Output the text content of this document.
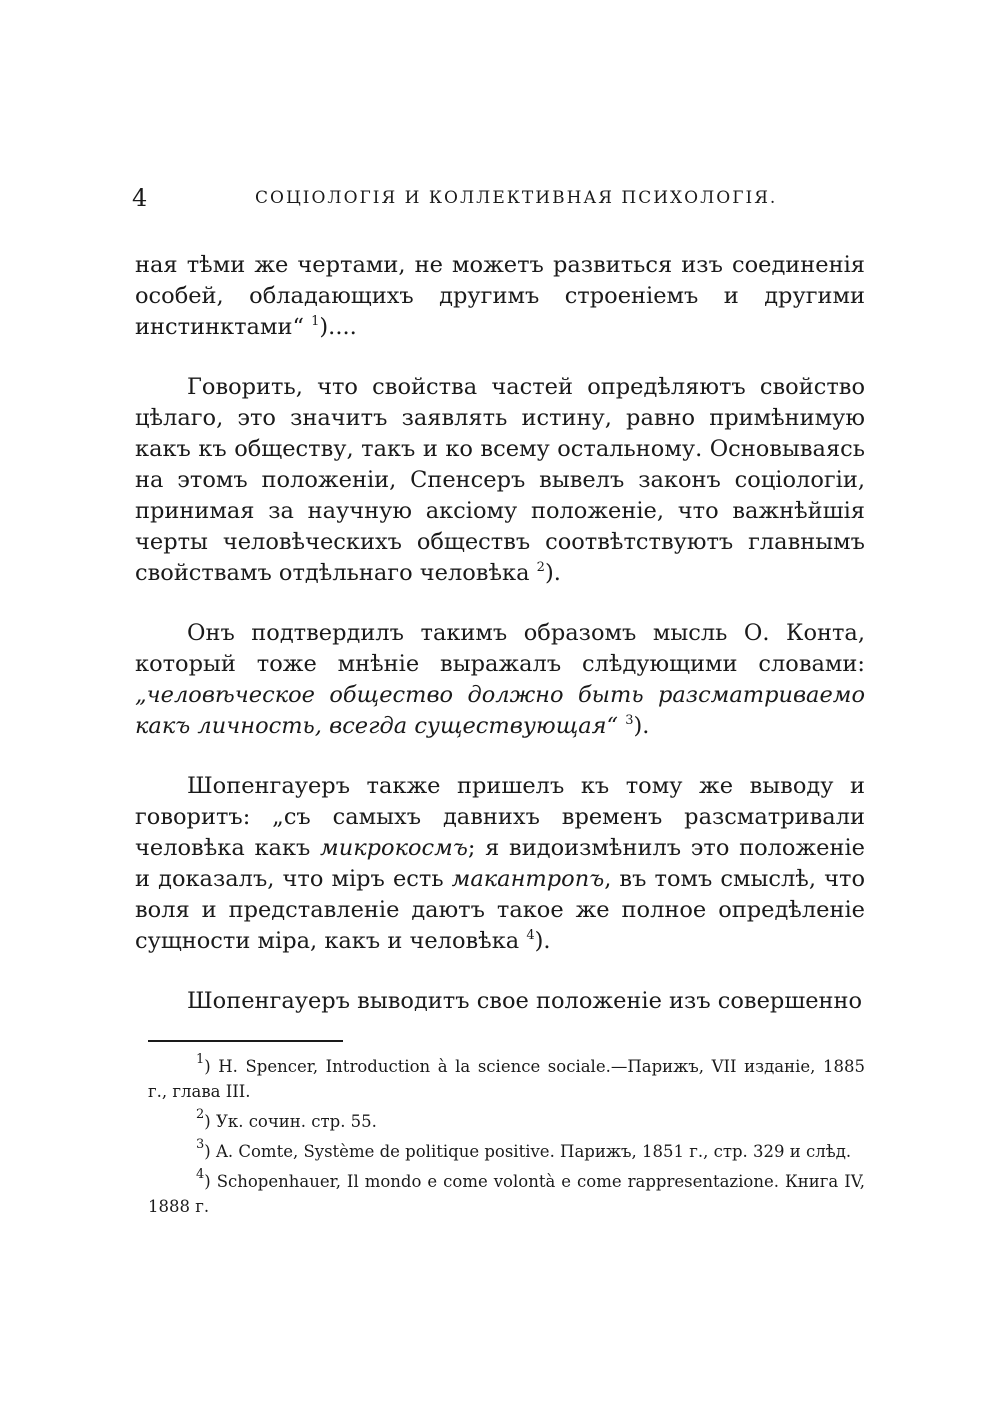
4	СОЦІОЛОГІЯ И КОЛЛЕКТИВНАЯ ПСИХОЛОГІЯ.

ная тѣми же чертами, не можетъ развиться изъ соединенія особей, обладающихъ другимъ строеніемъ и другими инстинктами“ $^1$)....

Говорить, что свойства частей опредѣляютъ свойство цѣлаго, это значитъ заявлять истину, равно примѣнимую какъ къ обществу, такъ и ко всему остальному. Основываясь на этомъ положеніи, Спенсеръ вывелъ законъ соціологіи, принимая за научную аксіому положеніе, что важнѣйшія черты человѣческихъ обществъ соотвѣтствуютъ главнымъ свойствамъ отдѣльнаго человѣка $^2$).

Онъ подтвердилъ такимъ образомъ мысль О. Конта, который тоже мнѣніе выражалъ слѣдующими словами: „человѣческое общество должно быть разсматриваемо какъ личность, всегда существующая“ $^3$).

Шопенгауеръ также пришелъ къ тому же выводу и говоритъ: „съ самыхъ давнихъ временъ разсматривали человѣка какъ микрокосмъ; я видоизмѣнилъ это положеніе и доказалъ, что міръ есть макантропъ, въ томъ смыслѣ, что воля и представленіе даютъ такое же полное опредѣленіе сущности міра, какъ и человѣка $^4$).

Шопенгауеръ выводитъ свое положеніе изъ совершенно

$^1$) H. Spencer, Introduction à la science sociale.—Парижъ, VII изданіе, 1885 г., глава III.

$^2$) Ук. сочин. стр. 55.

$^3$) A. Comte, Système de politique positive. Парижъ, 1851 г., стр. 329 и слѣд.

$^4$) Schopenhauer, Il mondo e come volontà e come rappresentazione. Книга IV, 1888 г.
